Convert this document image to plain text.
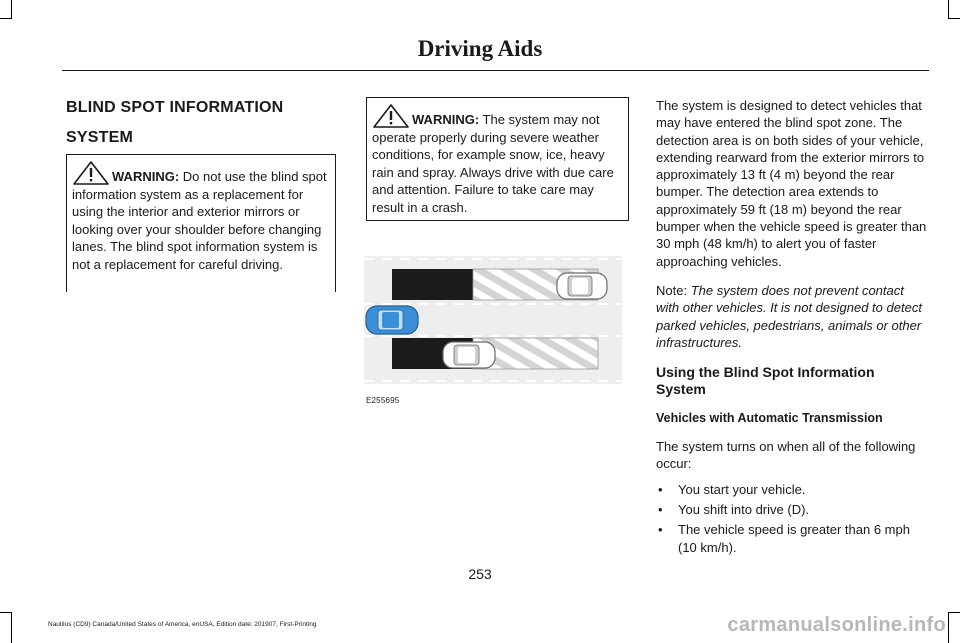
Driving Aids
BLIND SPOT INFORMATION
SYSTEM
WARNING: Do not use the blind spot information system as a replacement for using the interior and exterior mirrors or looking over your shoulder before changing lanes. The blind spot information system is not a replacement for careful driving.
WARNING: The system may not operate properly during severe weather conditions, for example snow, ice, heavy rain and spray. Always drive with due care and attention. Failure to take care may result in a crash.
E255695

The system is designed to detect vehicles that may have entered the blind spot zone. The detection area is on both sides of your vehicle, extending rearward from the exterior mirrors to approximately 13 ft (4 m) beyond the rear bumper. The detection area extends to approximately 59 ft (18 m) beyond the rear bumper when the vehicle speed is greater than 30 mph (48 km/h) to alert you of faster approaching vehicles.

Note: The system does not prevent contact with other vehicles. It is not designed to detect parked vehicles, pedestrians, animals or other infrastructures.

Using the Blind Spot Information System
Vehicles with Automatic Transmission

The system turns on when all of the following occur:

• You start your vehicle.
• You shift into drive (D).
• The vehicle speed is greater than 6 mph (10 km/h).
253
Nautilus (CD9) Canada/United States of America, enUSA, Edition date: 201907, First-Printing	carmanualsonline.info
